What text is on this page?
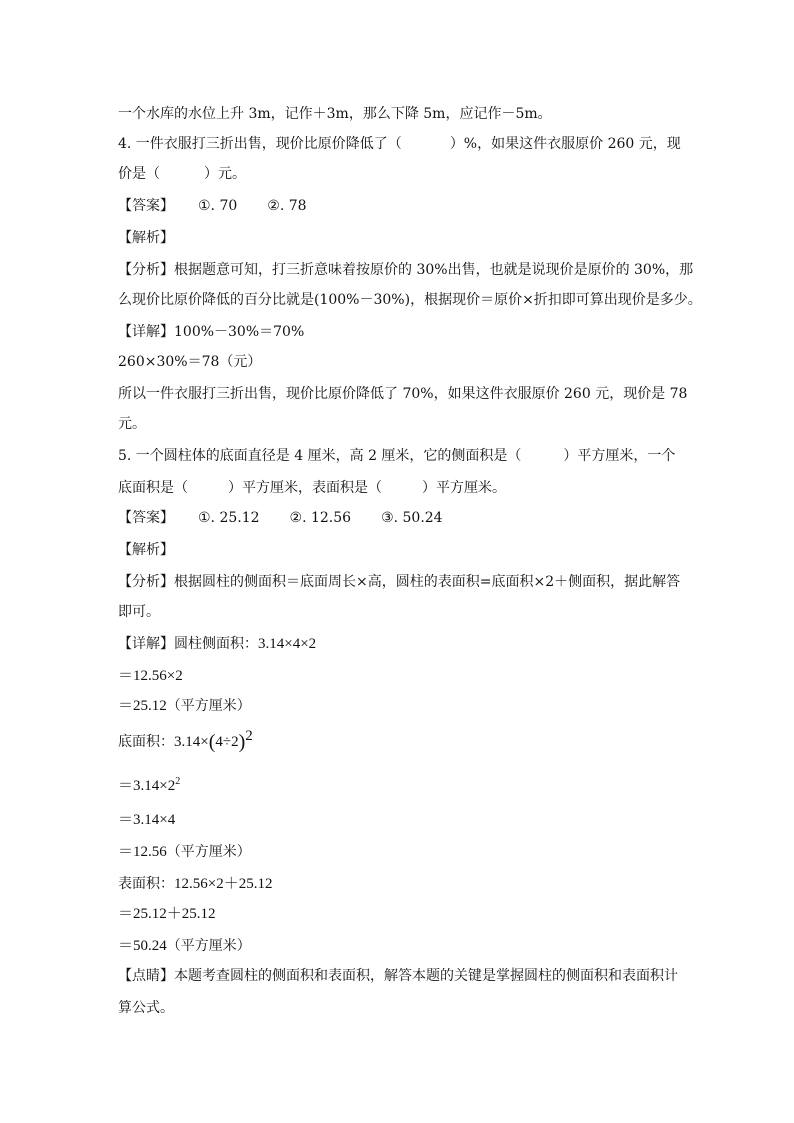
一个水库的水位上升 3m，记作＋3m，那么下降 5m，应记作－5m。
4. 一件衣服打三折出售，现价比原价降低了（	）%，如果这件衣服原价 260 元，现
价是（	）元。
【答案】 ①. 70 ②. 78
【解析】
【分析】根据题意可知，打三折意味着按原价的 30%出售，也就是说现价是原价的 30%，那
么现价比原价降低的百分比就是(100%－30%)，根据现价＝原价×折扣即可算出现价是多少。
【详解】100%－30%＝70%
260×30%＝78（元）
所以一件衣服打三折出售，现价比原价降低了 70%，如果这件衣服原价 260 元，现价是 78
元。
5. 一个圆柱体的底面直径是 4 厘米，高 2 厘米，它的侧面积是（	）平方厘米，一个
底面积是（	）平方厘米，表面积是（	）平方厘米。
【答案】 ①. 25.12 ②. 12.56 ③. 50.24
【解析】
【分析】根据圆柱的侧面积＝底面周长×高，圆柱的表面积=底面积×2＋侧面积，据此解答
即可。
【详解】圆柱侧面积：3.14×4×2
＝12.56×2
＝25.12（平方厘米）
底面积：$3.14\times(4\div 2)^2$
$=3.14\times 2^2$
＝3.14×4
＝12.56（平方厘米）
表面积：12.56×2＋25.12
＝25.12＋25.12
＝50.24（平方厘米）
【点睛】本题考查圆柱的侧面积和表面积，解答本题的关键是掌握圆柱的侧面积和表面积计
算公式。
